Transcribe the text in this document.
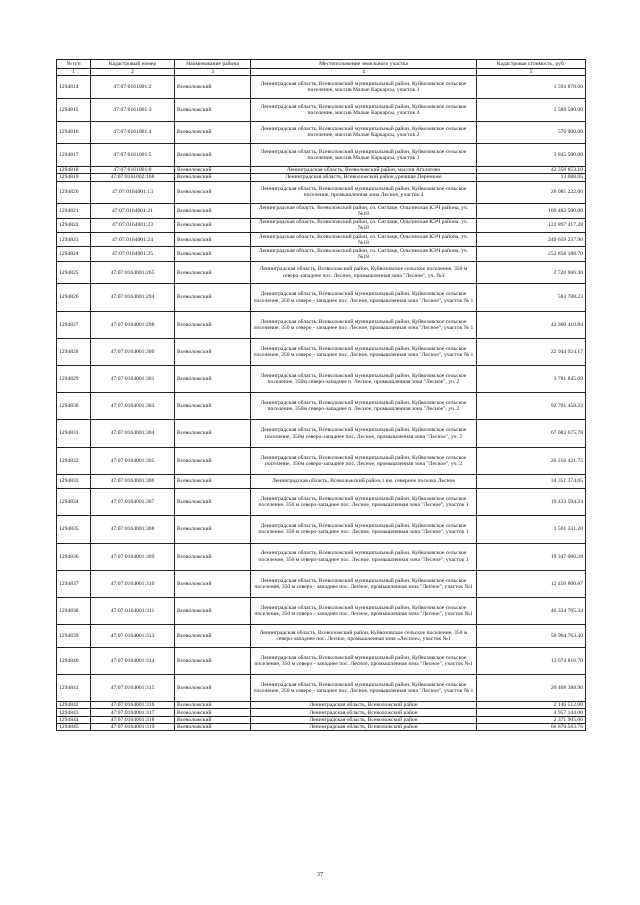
№ п/п	Кадастровый номер	Наименование района	Местоположение земельного участка	Кадастровая стоимость, руб.
1	2	3	4	5
1294814	47:07:0161001:2	Всеволожский	Ленинградская область, Всеволожский муниципальный район, Куйвозовское сельское поселение, массив Малые Каркарсы, участок 3	1 594 878.60
1294815	47:07:0161001:3	Всеволожский	Ленинградская область, Всеволожский муниципальный район, Куйвозовское сельское поселение, массив Малые Каркарсы, участок 4	1 589 580.00
1294816	47:07:0161001:4	Всеволожский	Ленинградская область, Всеволожский муниципальный район, Куйвозовское сельское поселение, массив Малые Каркарсы, участок 2	576 900.00
1294817	47:07:0161001:5	Всеволожский	Ленинградская область, Всеволожский муниципальный район, Куйвозовское сельское поселение, массив Малые Каркарсы, участок 1	3 845 500.00
1294818	47:07:0161001:8	Всеволожский	Ленинградская область, Всеволожский район, массив Агалатово	42 358 853.10
1294819	47:07:0161002:168	Всеволожский	Ленинградская область, Всеволожский район,урочище Переможе	13 088.05
1294820	47:07:0164001:13	Всеволожский	Ленинградская область, Всеволожский муниципальный район, Куйвозовское сельское поселение, промышленная зона Лесное, участок 4	26 085 222.00
1294821	47:07:0164001:21	Всеволожский	Ленинградская область, Всеволожский район, оз. Сиглаце, Ольгинская КЭЧ района, уч. №18	109 482 500.00
1294822	47:07:0164001:23	Всеволожский	Ленинградская область, Всеволожский район, оз. Сиглаце, Ольгинская КЭЧ района, уч. №18	122 897 417.28
1294823	47:07:0164001:24	Всеволожский	Ленинградская область, Всеволожский район, оз. Сиглаце, Ольгинская КЭЧ района, уч. №18	249 659 237.90
1294824	47:07:0164001:25	Всеволожский	Ленинградская область, Всеволожский район, оз. Сиглаце, Ольгинская КЭЧ района, уч. №18	252 858 188.70
1294825	47:07:0164001:265	Всеволожский	Ленинградская область, Всеволожский район, Куйвозовское сельское поселение, 350 м северо-западнее пос. Лесное, промышленная зона "Лесное", уч. №3	2 720 666.40
1294826	47:07:0164001:294	Всеволожский	Ленинградская область, Всеволожский муниципальный район, Куйвозовское сельское поселение, 350 м северо - западнее пос. Лесное, промышленная зона "Лесное", участок № 1	583 708.23
1294827	47:07:0164001:298	Всеволожский	Ленинградская область, Всеволожский муниципальный район, Куйвозовское сельское поселение, 350 м северо - западнее пос. Лесное, промышленная зона "Лесное", участок № 1	42 360 410.84
1294828	47:07:0164001:300	Всеволожский	Ленинградская область, Всеволожский муниципальный район, Куйвозовское сельское поселение, 350 м северо - западнее пос. Лесное, промышленная зона "Лесное", участок № 1	22 944 924.17
1294829	47:07:0164001:301	Всеволожский	Ленинградская область, Всеволожский муниципальный район, Куйвозовское сельское поселение, 350м северо-западнее п. Лесное, промышленная зона "Лесное", уч. 2	3 781 845.69
1294830	47:07:0164001:303	Всеволожский	Ленинградская область, Всеволожский муниципальный район, Куйвозовское сельское поселение, 350м северо-западнее п. Лесное, промышленная зона "Лесное", уч. 2	92 701 458.22
1294831	47:07:0164001:304	Всеволожский	Ленинградская область, Всеволожский муниципальный район, Куйвозовское сельское поселение, 350м северо-западнее пос. Лесное, промышленная зона "Лесное", уч. 2	67 083 675.78
1294832	47:07:0164001:305	Всеволожский	Ленинградская область, Всеволожский муниципальный район, Куйвозовское сельское поселение, 350м северо-западнее пос. Лесное, промышленная зона "Лесное", уч. 2	26 256 421.75
1294833	47:07:0164001:306	Всеволожский	Ленинградская область, Всеволожский район,1 км. северное поселка Лесное	34 351 374.05
1294834	47:07:0164001:307	Всеволожский	Ленинградская область, Всеволожский муниципальный район, Куйвозовское сельское поселение, 350 м северо-западнее пос. Лесное, промышленная зона "Лесное", участок 1	19 433 594.24
1294835	47:07:0164001:308	Всеволожский	Ленинградская область, Всеволожский муниципальный район, Куйвозовское сельское поселение, 350 м северо-западнее пос. Лесное, промышленная зона "Лесное", участок 1	1 561 331.20
1294836	47:07:0164001:309	Всеволожский	Ленинградская область, Всеволожский муниципальный район, Куйвозовское сельское поселение, 350 м северо-западнее пос. Лесное, промышленная зона "Лесное", участок 1	19 347 080.28
1294837	47:07:0164001:310	Всеволожский	Ленинградская область, Всеволожский муниципальный район, Куйвозовское сельское поселение, 350 м северо - западнее пос. Лесное, промышленная зона "Лесное", участок №1	12 450 800.67
1294838	47:07:0164001:311	Всеволожский	Ленинградская область, Всеволожский муниципальный район, Куйвозовское сельское поселение, 350 м северо - западнее пос. Лесное, промышленная зона "Лесное", участок №1	46 334 705.34
1294839	47:07:0164001:313	Всеволожский	Ленинградская область, Всеволожский район, Куйвозовское сельское поселение, 350 м северо-западнее пос. Лесное, промышленная зона «Лесное», участок №1	50 964 763.40
1294840	47:07:0164001:314	Всеволожский	Ленинградская область, Всеволожский муниципальный район, Куйвозовское сельское поселение, 350 м северо - западнее пос. Лесное, промышленная зона "Лесное", участок №1	13 074 816.70
1294841	47:07:0164001:315	Всеволожский	Ленинградская область, Всеволожский муниципальный район, Куйвозовское сельское поселение, 350 м северо - западнее пос. Лесное, промышленная зона "Лесное", участок № 1	20 468 388.90
1294842	47:07:0164001:316	Всеволожский	Ленинградская область, Всеволожский район	2 146 512.00
1294843	47:07:0164001:317	Всеволожский	Ленинградская область, Всеволожский район	4 957 144.00
1294844	47:07:0164001:318	Всеволожский	Ленинградская область, Всеволожский район	2 371 905.00
1294845	47:07:0164001:319	Всеволожский	Ленинградская область, Всеволожский район	66 870 563.76
37
